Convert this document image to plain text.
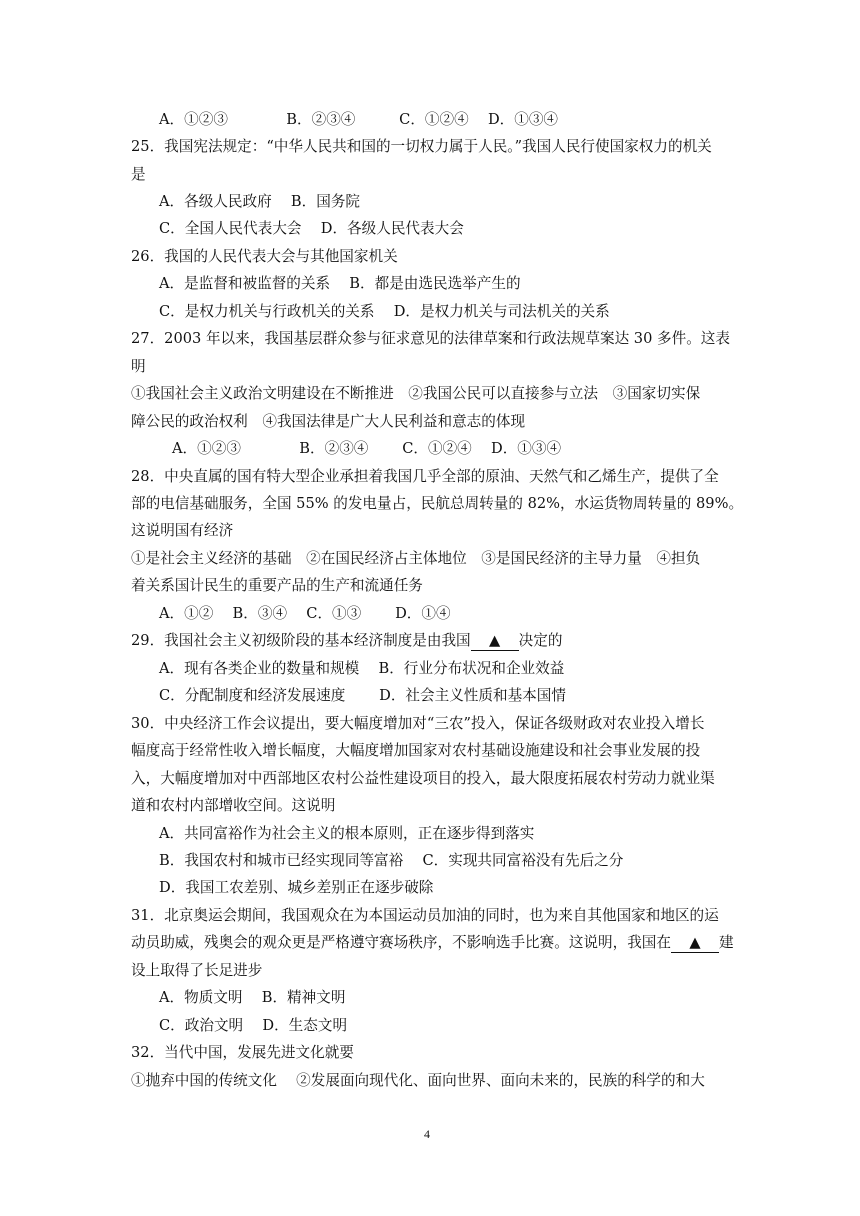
A．①②③　　　　B．②③④　　　C．①②④　 D．①③④
25．我国宪法规定：“中华人民共和国的一切权力属于人民。”我国人民行使国家权力的机关
是
A．各级人民政府　 B．国务院
C．全国人民代表大会　 D．各级人民代表大会
26．我国的人民代表大会与其他国家机关
A．是监督和被监督的关系　 B．都是由选民选举产生的
C．是权力机关与行政机关的关系　 D．是权力机关与司法机关的关系
27．2003 年以来，我国基层群众参与征求意见的法律草案和行政法规草案达 30 多件。这表
明
①我国社会主义政治文明建设在不断推进　②我国公民可以直接参与立法　③国家切实保
障公民的政治权利　④我国法律是广大人民利益和意志的体现
A．①②③　　　　B．②③④　　 C．①②④　 D．①③④
28．中央直属的国有特大型企业承担着我国几乎全部的原油、天然气和乙烯生产，提供了全
部的电信基础服务，全国 55% 的发电量占，民航总周转量的 82%，水运货物周转量的 89%。
这说明国有经济
①是社会主义经济的基础　②在国民经济占主体地位　③是国民经济的主导力量　④担负
着关系国计民生的重要产品的生产和流通任务
A．①②　 B．③④　 C．①③　　 D．①④
29．我国社会主义初级阶段的基本经济制度是由我国 ▲ 决定的
A．现有各类企业的数量和规模　 B．行业分布状况和企业效益
C．分配制度和经济发展速度　　 D．社会主义性质和基本国情
30．中央经济工作会议提出，要大幅度增加对“三农”投入，保证各级财政对农业投入增长
幅度高于经常性收入增长幅度，大幅度增加国家对农村基础设施建设和社会事业发展的投
入，大幅度增加对中西部地区农村公益性建设项目的投入，最大限度拓展农村劳动力就业渠
道和农村内部增收空间。这说明
A．共同富裕作为社会主义的根本原则，正在逐步得到落实
B．我国农村和城市已经实现同等富裕　 C．实现共同富裕没有先后之分
D．我国工农差别、城乡差别正在逐步破除
31．北京奥运会期间，我国观众在为本国运动员加油的同时，也为来自其他国家和地区的运
动员助威，残奥会的观众更是严格遵守赛场秩序，不影响选手比赛。这说明，我国在 ▲ 建
设上取得了长足进步
A．物质文明　 B．精神文明
C．政治文明　 D．生态文明
32．当代中国，发展先进文化就要
①抛弃中国的传统文化　 ②发展面向现代化、面向世界、面向未来的，民族的科学的和大
4
